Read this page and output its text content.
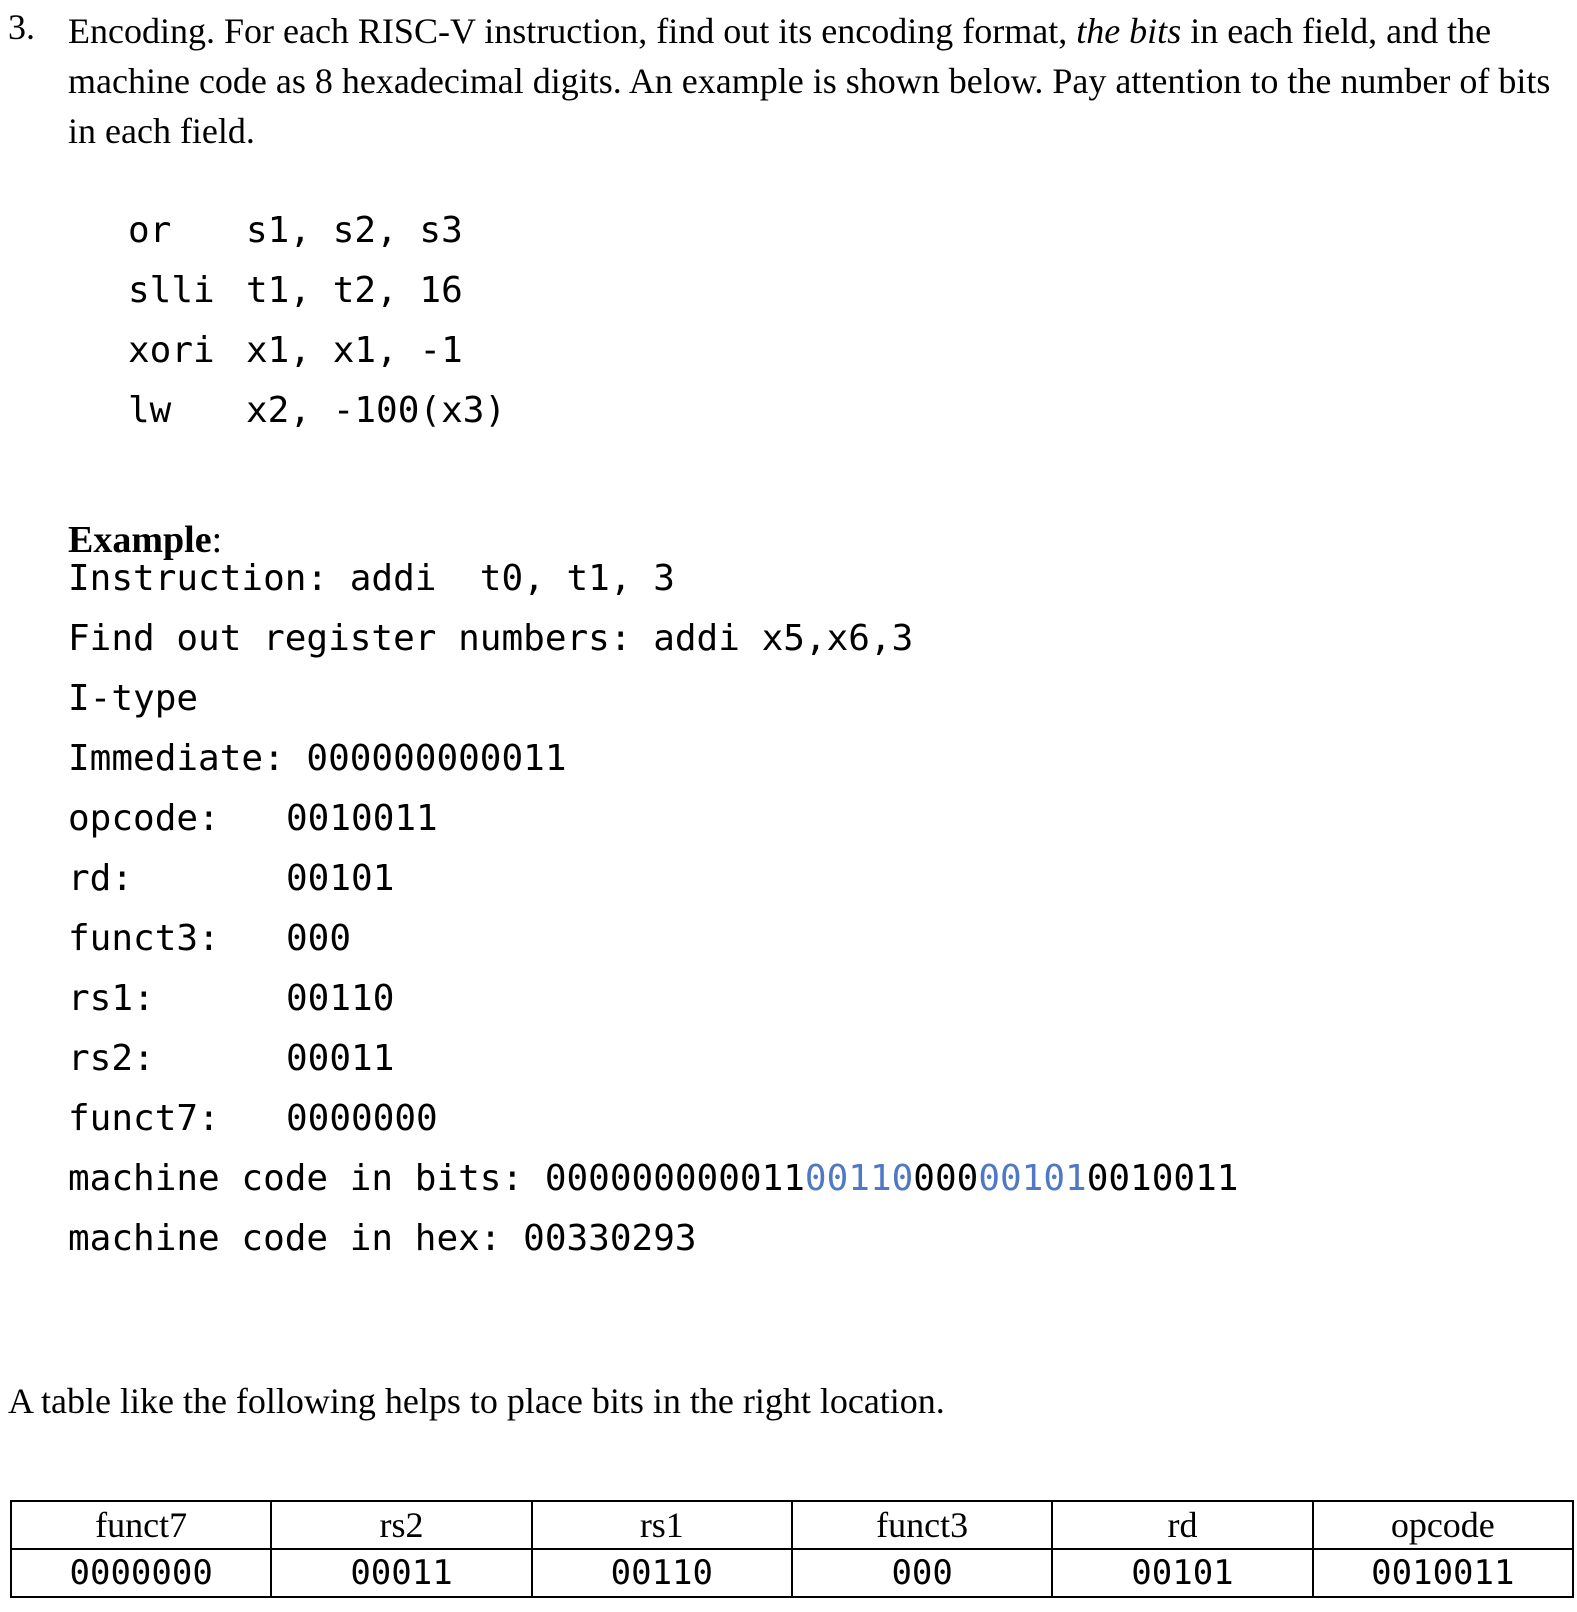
3. Encoding. For each RISC-V instruction, find out its encoding format, the bits in each field, and the machine code as 8 hexadecimal digits. An example is shown below. Pay attention to the number of bits in each field.
or s1, s2, s3
slli t1, t2, 16
xori x1, x1, -1
lw x2, -100(x3)
Example:
Instruction: addi  t0, t1, 3
Find out register numbers: addi x5,x6,3
I-type
Immediate: 000000000011
opcode: 0010011
rd:	00101
funct3: 000
rs1:	00110
rs2:	00011
funct7: 0000000
machine code in bits: 00000000001100110000001010010011
machine code in hex: 00330293
A table like the following helps to place bits in the right location.
funct7	rs2	rs1	funct3	rd	opcode
0000000	00011	00110	000	00101	0010011
